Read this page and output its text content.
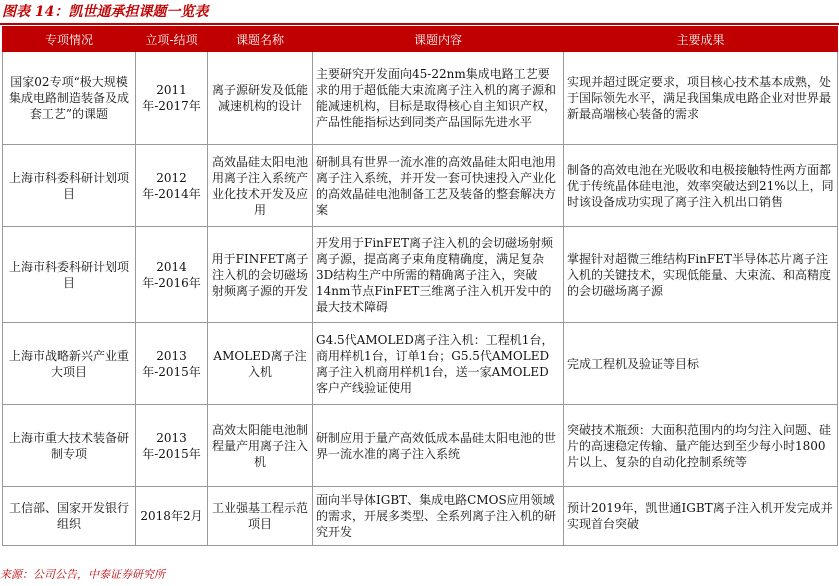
图表 14：凯世通承担课题一览表
专项情况	立项-结项	课题名称	课题内容	主要成果
国家02专项“极大规模集成电路制造装备及成套工艺”的课题	2011年-2017年	离子源研发及低能减速机构的设计	主要研究开发面向45-22nm集成电路工艺要求的用于超低能大束流离子注入机的离子源和能减速机构，目标是取得核心自主知识产权，产品性能指标达到同类产品国际先进水平	实现并超过既定要求，项目核心技术基本成熟，处于国际领先水平，满足我国集成电路企业对世界最新最高端核心装备的需求
上海市科委科研计划项目	2012年-2014年	高效晶硅太阳电池用离子注入系统产业化技术开发及应用	研制具有世界一流水准的高效晶硅太阳电池用离子注入系统，并开发一套可快速投入产业化的高效晶硅电池制备工艺及装备的整套解决方案	制备的高效电池在光吸收和电极接触特性两方面都优于传统晶体硅电池，效率突破达到21%以上，同时该设备成功实现了离子注入机出口销售
上海市科委科研计划项目	2014年-2016年	用于FINFET离子注入机的会切磁场射频离子源的开发	开发用于FinFET离子注入机的会切磁场射频离子源，提高离子束角度精确度，满足复杂3D结构生产中所需的精确离子注入，突破14nm节点FinFET三维离子注入机开发中的最大技术障碍	掌握针对超微三维结构FinFET半导体芯片离子注入机的关键技术，实现低能量、大束流、和高精度的会切磁场离子源
上海市战略新兴产业重大项目	2013年-2015年	AMOLED离子注入机	G4.5代AMOLED离子注入机：工程机1台，商用样机1台，订单1台；G5.5代AMOLED离子注入机商用样机1台，送一家AMOLED客户产线验证使用	完成工程机及验证等目标
上海市重大技术装备研制专项	2013年-2015年	高效太阳能电池制程量产用离子注入机	研制应用于量产高效低成本晶硅太阳电池的世界一流水准的离子注入系统	突破技术瓶颈：大面积范围内的均匀注入问题、硅片的高速稳定传输、量产能达到至少每小时1800片以上、复杂的自动化控制系统等
工信部、国家开发银行组织	2018年2月	工业强基工程示范项目	面向半导体IGBT、集成电路CMOS应用领域的需求，开展多类型、全系列离子注入机的研究开发	预计2019年，凯世通IGBT离子注入机开发完成并实现首台突破
来源：公司公告，中泰证券研究所
